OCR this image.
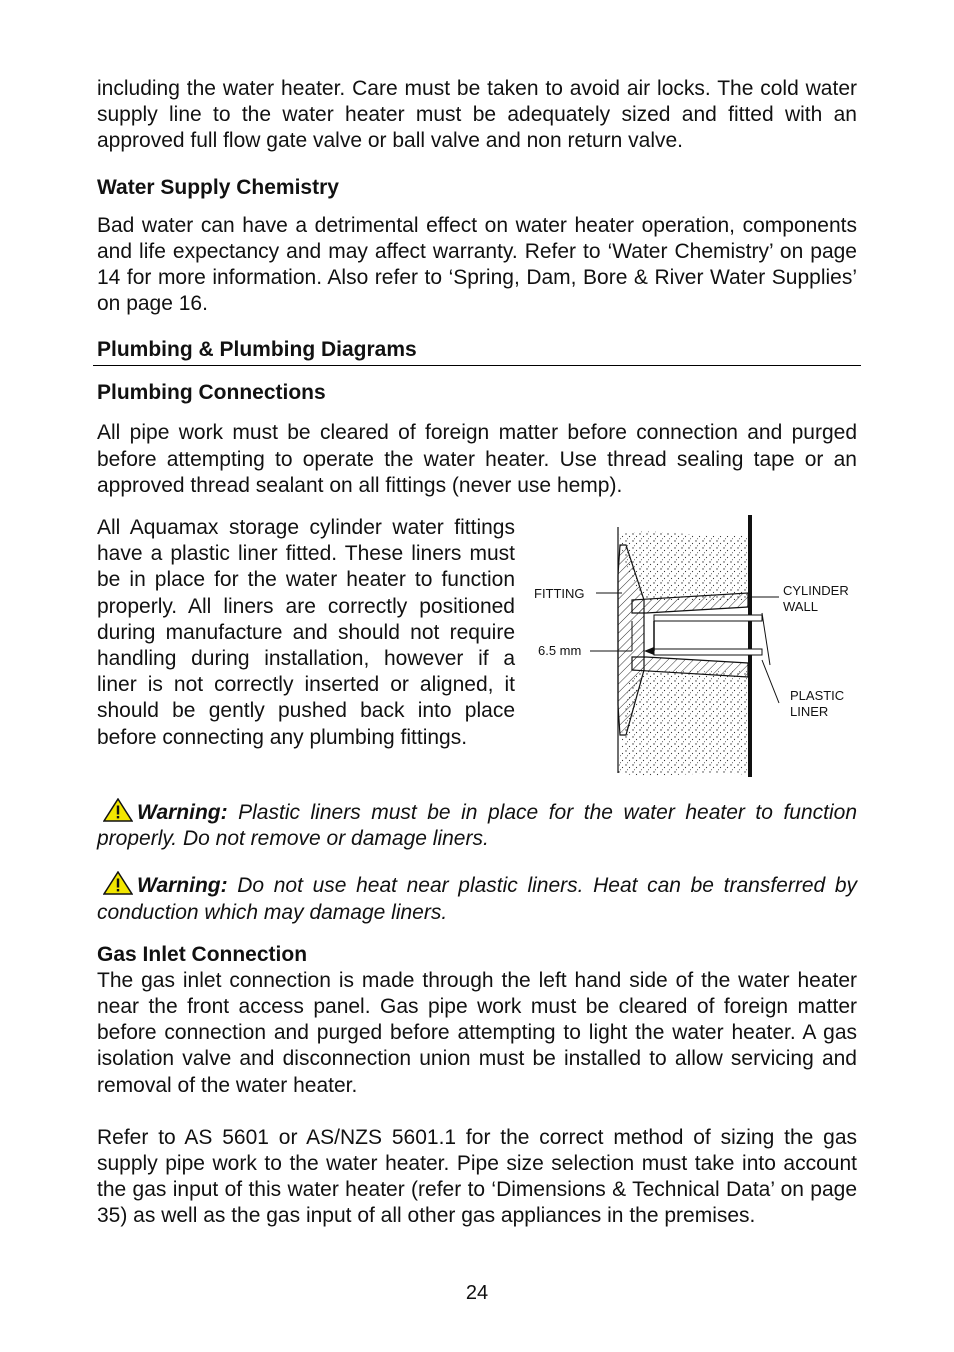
including the water heater. Care must be taken to avoid air locks. The cold water supply line to the water heater must be adequately sized and fitted with an approved full flow gate valve or ball valve and non return valve.

Water Supply Chemistry

Bad water can have a detrimental effect on water heater operation, components and life expectancy and may affect warranty. Refer to ‘Water Chemistry’ on page 14 for more information. Also refer to ‘Spring, Dam, Bore & River Water Supplies’ on page 16.

Plumbing & Plumbing Diagrams
Plumbing Connections

All pipe work must be cleared of foreign matter before connection and purged before attempting to operate the water heater. Use thread sealing tape or an approved thread sealant on all fittings (never use hemp).

All Aquamax storage cylinder water fittings have a plastic liner fitted. These liners must be in place for the water heater to function properly. All liners are correctly positioned during manufacture and should not require handling during installation, however if a liner is not correctly inserted or aligned, it should be gently pushed back into place before connecting any plumbing fittings.

FITTING
6.5 mm
CYLINDER
WALL
PLASTIC
LINER

Warning: Plastic liners must be in place for the water heater to function properly. Do not remove or damage liners.

Warning: Do not use heat near plastic liners. Heat can be transferred by conduction which may damage liners.

Gas Inlet Connection

The gas inlet connection is made through the left hand side of the water heater near the front access panel. Gas pipe work must be cleared of foreign matter before connection and purged before attempting to light the water heater. A gas isolation valve and disconnection union must be installed to allow servicing and removal of the water heater.

Refer to AS 5601 or AS/NZS 5601.1 for the correct method of sizing the gas supply pipe work to the water heater. Pipe size selection must take into account the gas input of this water heater (refer to ‘Dimensions & Technical Data’ on page 35) as well as the gas input of all other gas appliances in the premises.

24
